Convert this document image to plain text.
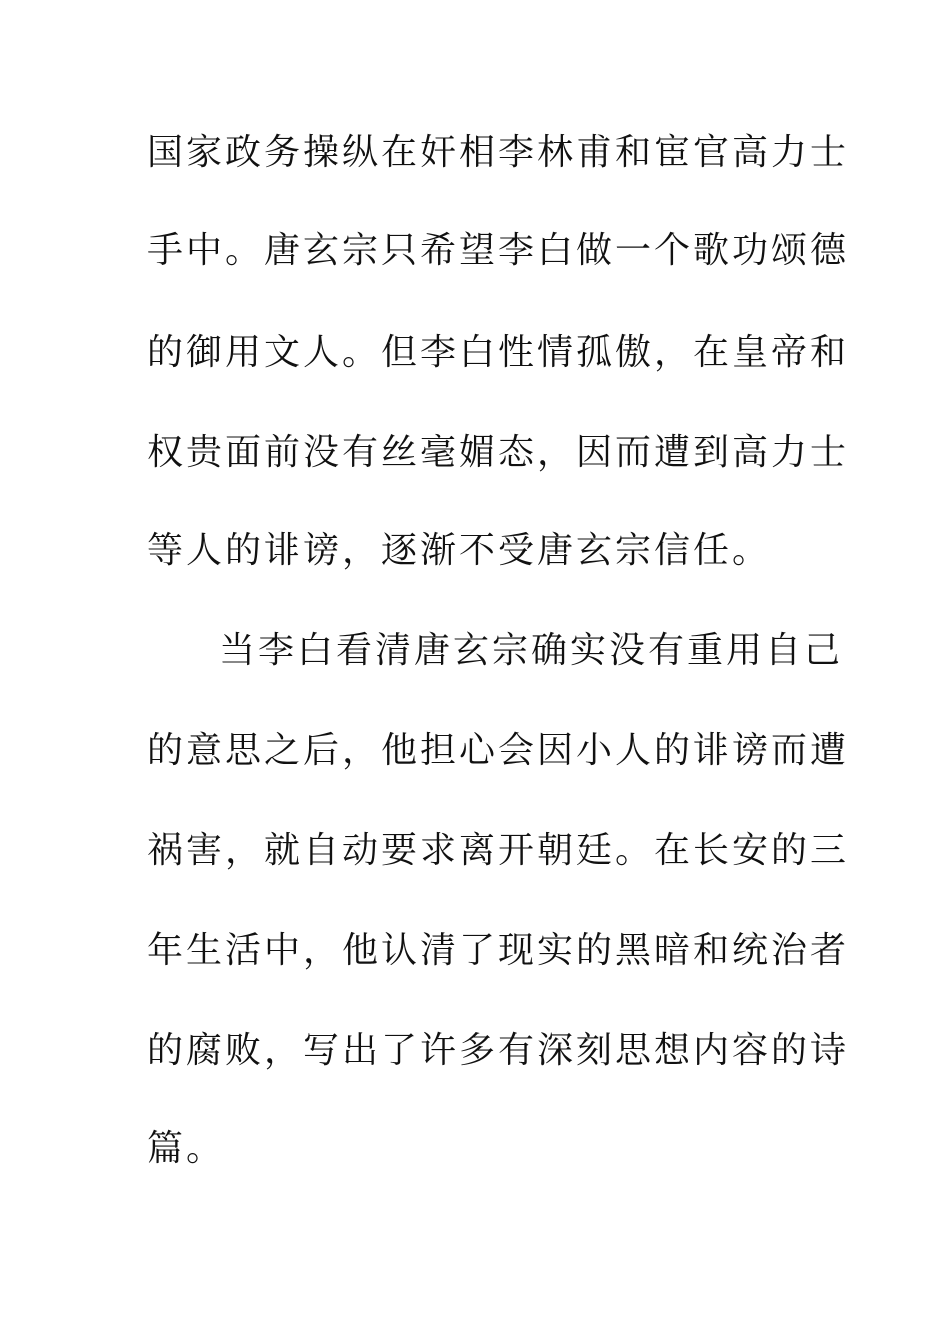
国家政务操纵在奸相李林甫和宦官高力士

手中。唐玄宗只希望李白做一个歌功颂德

的御用文人。但李白性情孤傲，在皇帝和

权贵面前没有丝毫媚态，因而遭到高力士

等人的诽谤，逐渐不受唐玄宗信任。

当李白看清唐玄宗确实没有重用自己

的意思之后，他担心会因小人的诽谤而遭

祸害，就自动要求离开朝廷。在长安的三

年生活中，他认清了现实的黑暗和统治者

的腐败，写出了许多有深刻思想内容的诗

篇。
